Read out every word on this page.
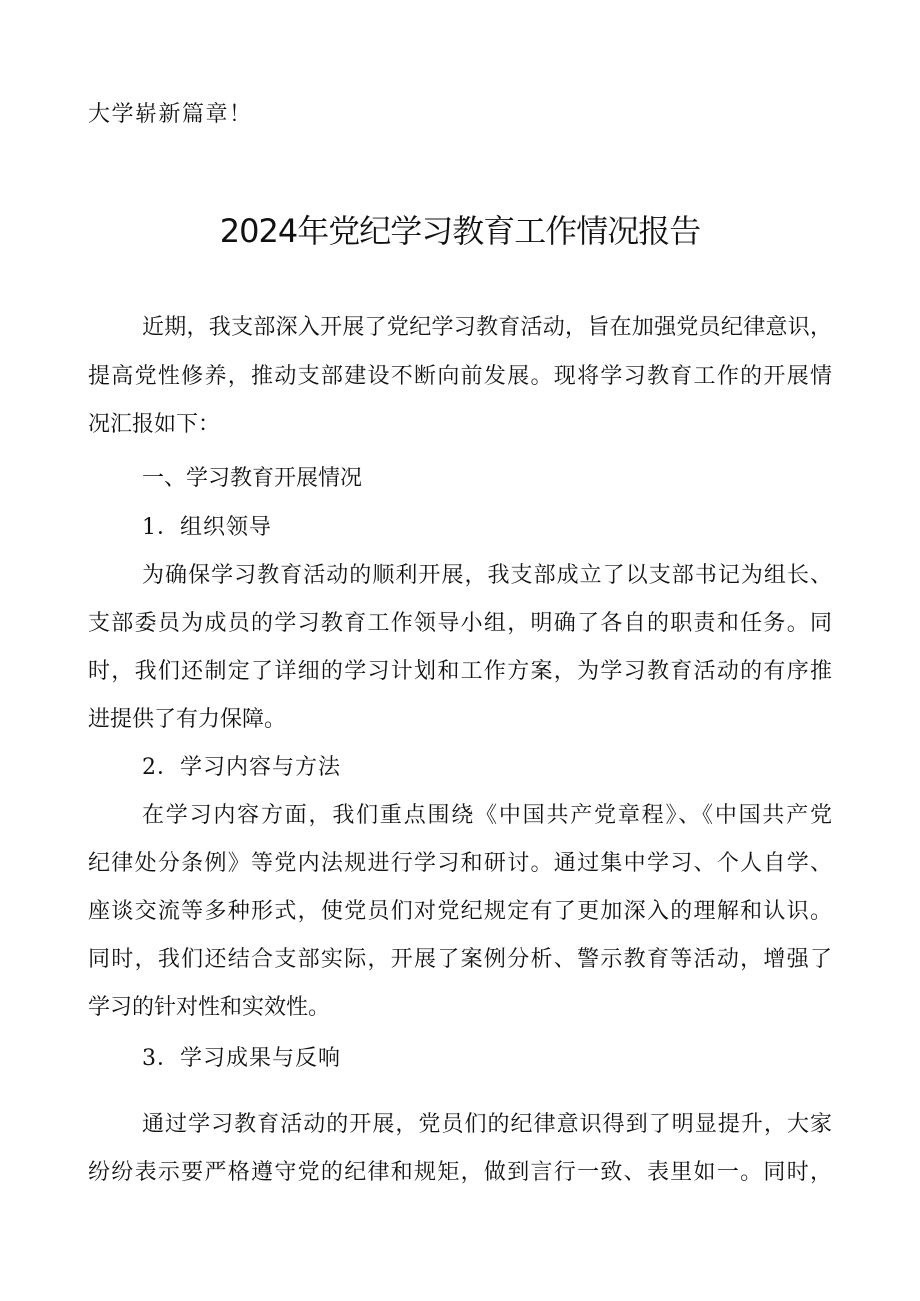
大学崭新篇章！
2024年党纪学习教育工作情况报告
近期，我支部深入开展了党纪学习教育活动，旨在加强党员纪律意识，
提高党性修养，推动支部建设不断向前发展。现将学习教育工作的开展情
况汇报如下：
一、学习教育开展情况
1．组织领导
为确保学习教育活动的顺利开展，我支部成立了以支部书记为组长、
支部委员为成员的学习教育工作领导小组，明确了各自的职责和任务。同
时，我们还制定了详细的学习计划和工作方案，为学习教育活动的有序推
进提供了有力保障。
2．学习内容与方法
在学习内容方面，我们重点围绕《中国共产党章程》、《中国共产党
纪律处分条例》等党内法规进行学习和研讨。通过集中学习、个人自学、
座谈交流等多种形式，使党员们对党纪规定有了更加深入的理解和认识。
同时，我们还结合支部实际，开展了案例分析、警示教育等活动，增强了
学习的针对性和实效性。
3．学习成果与反响
通过学习教育活动的开展，党员们的纪律意识得到了明显提升，大家
纷纷表示要严格遵守党的纪律和规矩，做到言行一致、表里如一。同时，
